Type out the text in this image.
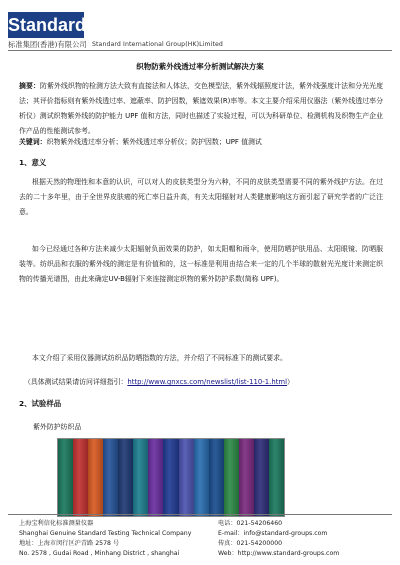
Standard
标准集团(香港)有限公司 Standard International Group(HK)Limited
织物防紫外线透过率分析测试解决方案
摘要：防紫外线织物的检测方法大致有直接法和人体法，交色模型法，紫外线辐照度计法，紫外线强度计法和分光光度法；其评价指标则有紫外线透过率、遮蔽率、防护因数，紫遮效果(R)率等。本文主要介绍采用仪器法（紫外线透过率分析仪）测试织物紫外线的防护能力 UPF 值和方法，同时也描述了实验过程，可以为科研单位、检测机构及织物生产企业作产品的性能测试参考。
关键词：织物紫外线透过率分析；紫外线透过率分析仪；防护因数；UPF 值测试
1、意义
根据天然的物理性和本意的认识，可以对人的皮肤类型分为六种，不同的皮肤类型需要不同的紫外线护方法。在过去的二十多年里，由于全世界皮肤癌的死亡率日益升高，有关太阳辐射对人类健康影响这方面引起了研究学者的广泛注意。
如今已经通过各种方法来减少太阳辐射负面效果的防护，如太阳帽和雨伞，使用防晒护肤用品、太阳眼镜、防晒服装等。纺织品和衣服的紫外线的测定是有价值和的，这一标准是利用由结合来一定的几个半球的散射光光度计来测定织物的传播光谱图，由此来确定UV-B辐射下来连接测定织物的紫外防护系数(简称 UPF)。
本文介绍了采用仪器测试纺织品防晒指数的方法，并介绍了不同标准下的测试要求。
（具体测试结果请访问详细指引：http://www.gnxcs.com/newslist/list-110-1.html）
2、试验样品
紫外防护纺织品
上海宝利信化标准测量仪器
Shanghai Genuine Standard Testing Technical Company
地址：上海市闵行区沪青路 2578 号
No. 2578 , Gudai Road , Minhang District , shanghai
电话：021-54206460
E-mail：info@standard-groups.com
传真：021-54200000
Web：http://www.standard-groups.com
